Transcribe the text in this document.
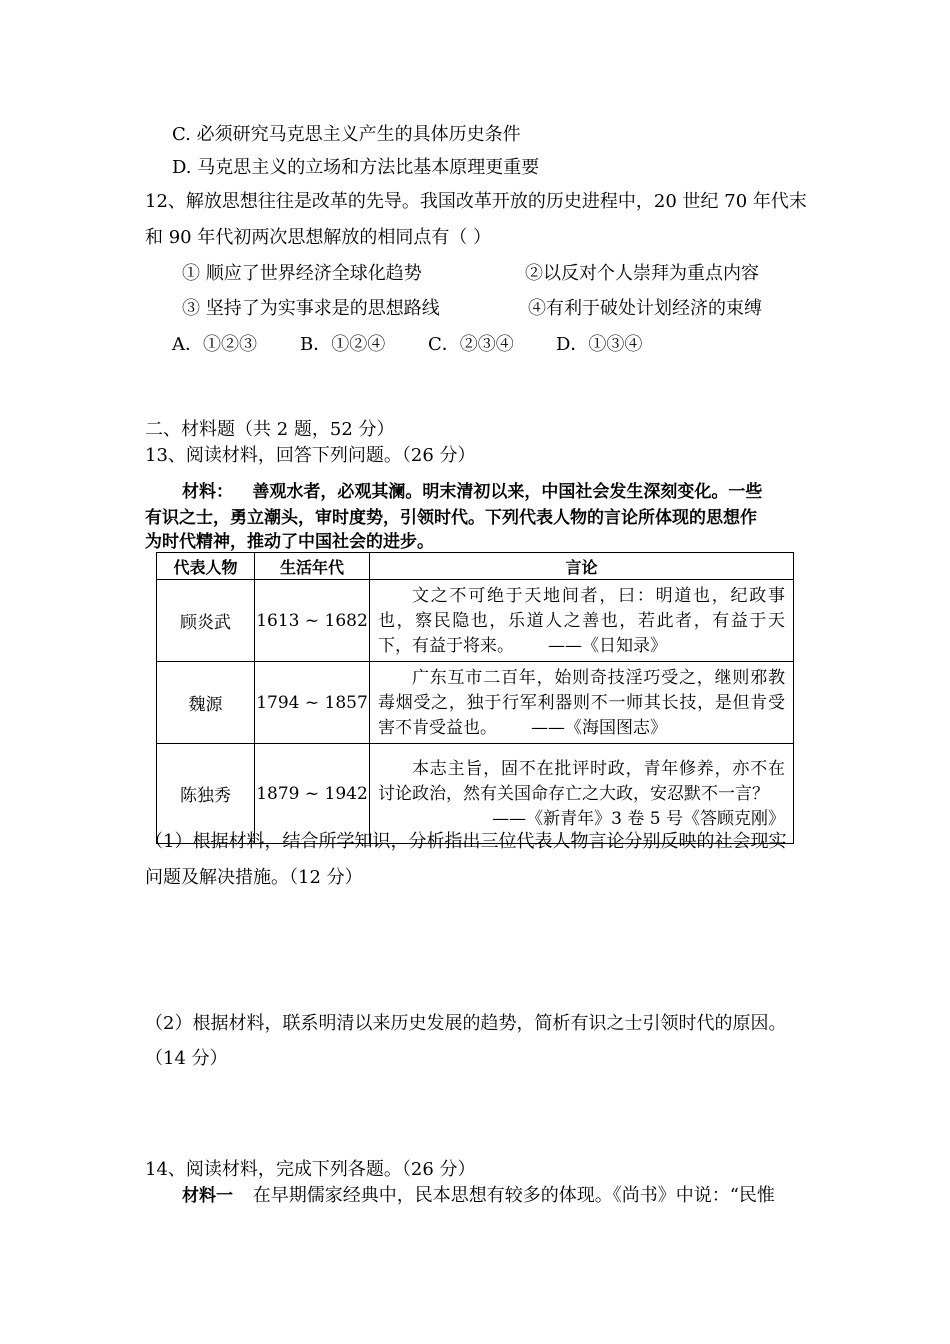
C. 必须研究马克思主义产生的具体历史条件
D. 马克思主义的立场和方法比基本原理更重要
12、解放思想往往是改革的先导。我国改革开放的历史进程中，20 世纪 70 年代末
和 90 年代初两次思想解放的相同点有（ ）
① 顺应了世界经济全球化趋势	②以反对个人崇拜为重点内容
③ 坚持了为实事求是的思想路线	④有利于破处计划经济的束缚
A．①②③ B．①②④ C．②③④ D．①③④
二、材料题（共 2 题，52 分）
13、阅读材料，回答下列问题。（26 分）
材料： 善观水者，必观其澜。明末清初以来，中国社会发生深刻变化。一些
有识之士，勇立潮头，审时度势，引领时代。下列代表人物的言论所体现的思想作
为时代精神，推动了中国社会的进步。
代表人物	生活年代	言论
顾炎武	1613 ~ 1682	文之不可绝于天地间者，曰：明道也，纪政事也，察民隐也，乐道人之善也，若此者，有益于天下，有益于将来。 ——《日知录》

魏源	1794 ~ 1857	广东互市二百年，始则奇技淫巧受之，继则邪教毒烟受之，独于行军利器则不一师其长技，是但肯受害不肯受益也。 ——《海国图志》

陈独秀	1879 ~ 1942	本志主旨，固不在批评时政，青年修养，亦不在讨论政治，然有关国命存亡之大政，安忍默不一言？
——《新青年》3 卷 5 号《答顾克刚》
（1）根据材料，结合所学知识，分析指出三位代表人物言论分别反映的社会现实
问题及解决措施。（12 分）
（2）根据材料，联系明清以来历史发展的趋势，简析有识之士引领时代的原因。
（14 分）
14、阅读材料，完成下列各题。（26 分）
材料一 在早期儒家经典中，民本思想有较多的体现。《尚书》中说：“民惟
